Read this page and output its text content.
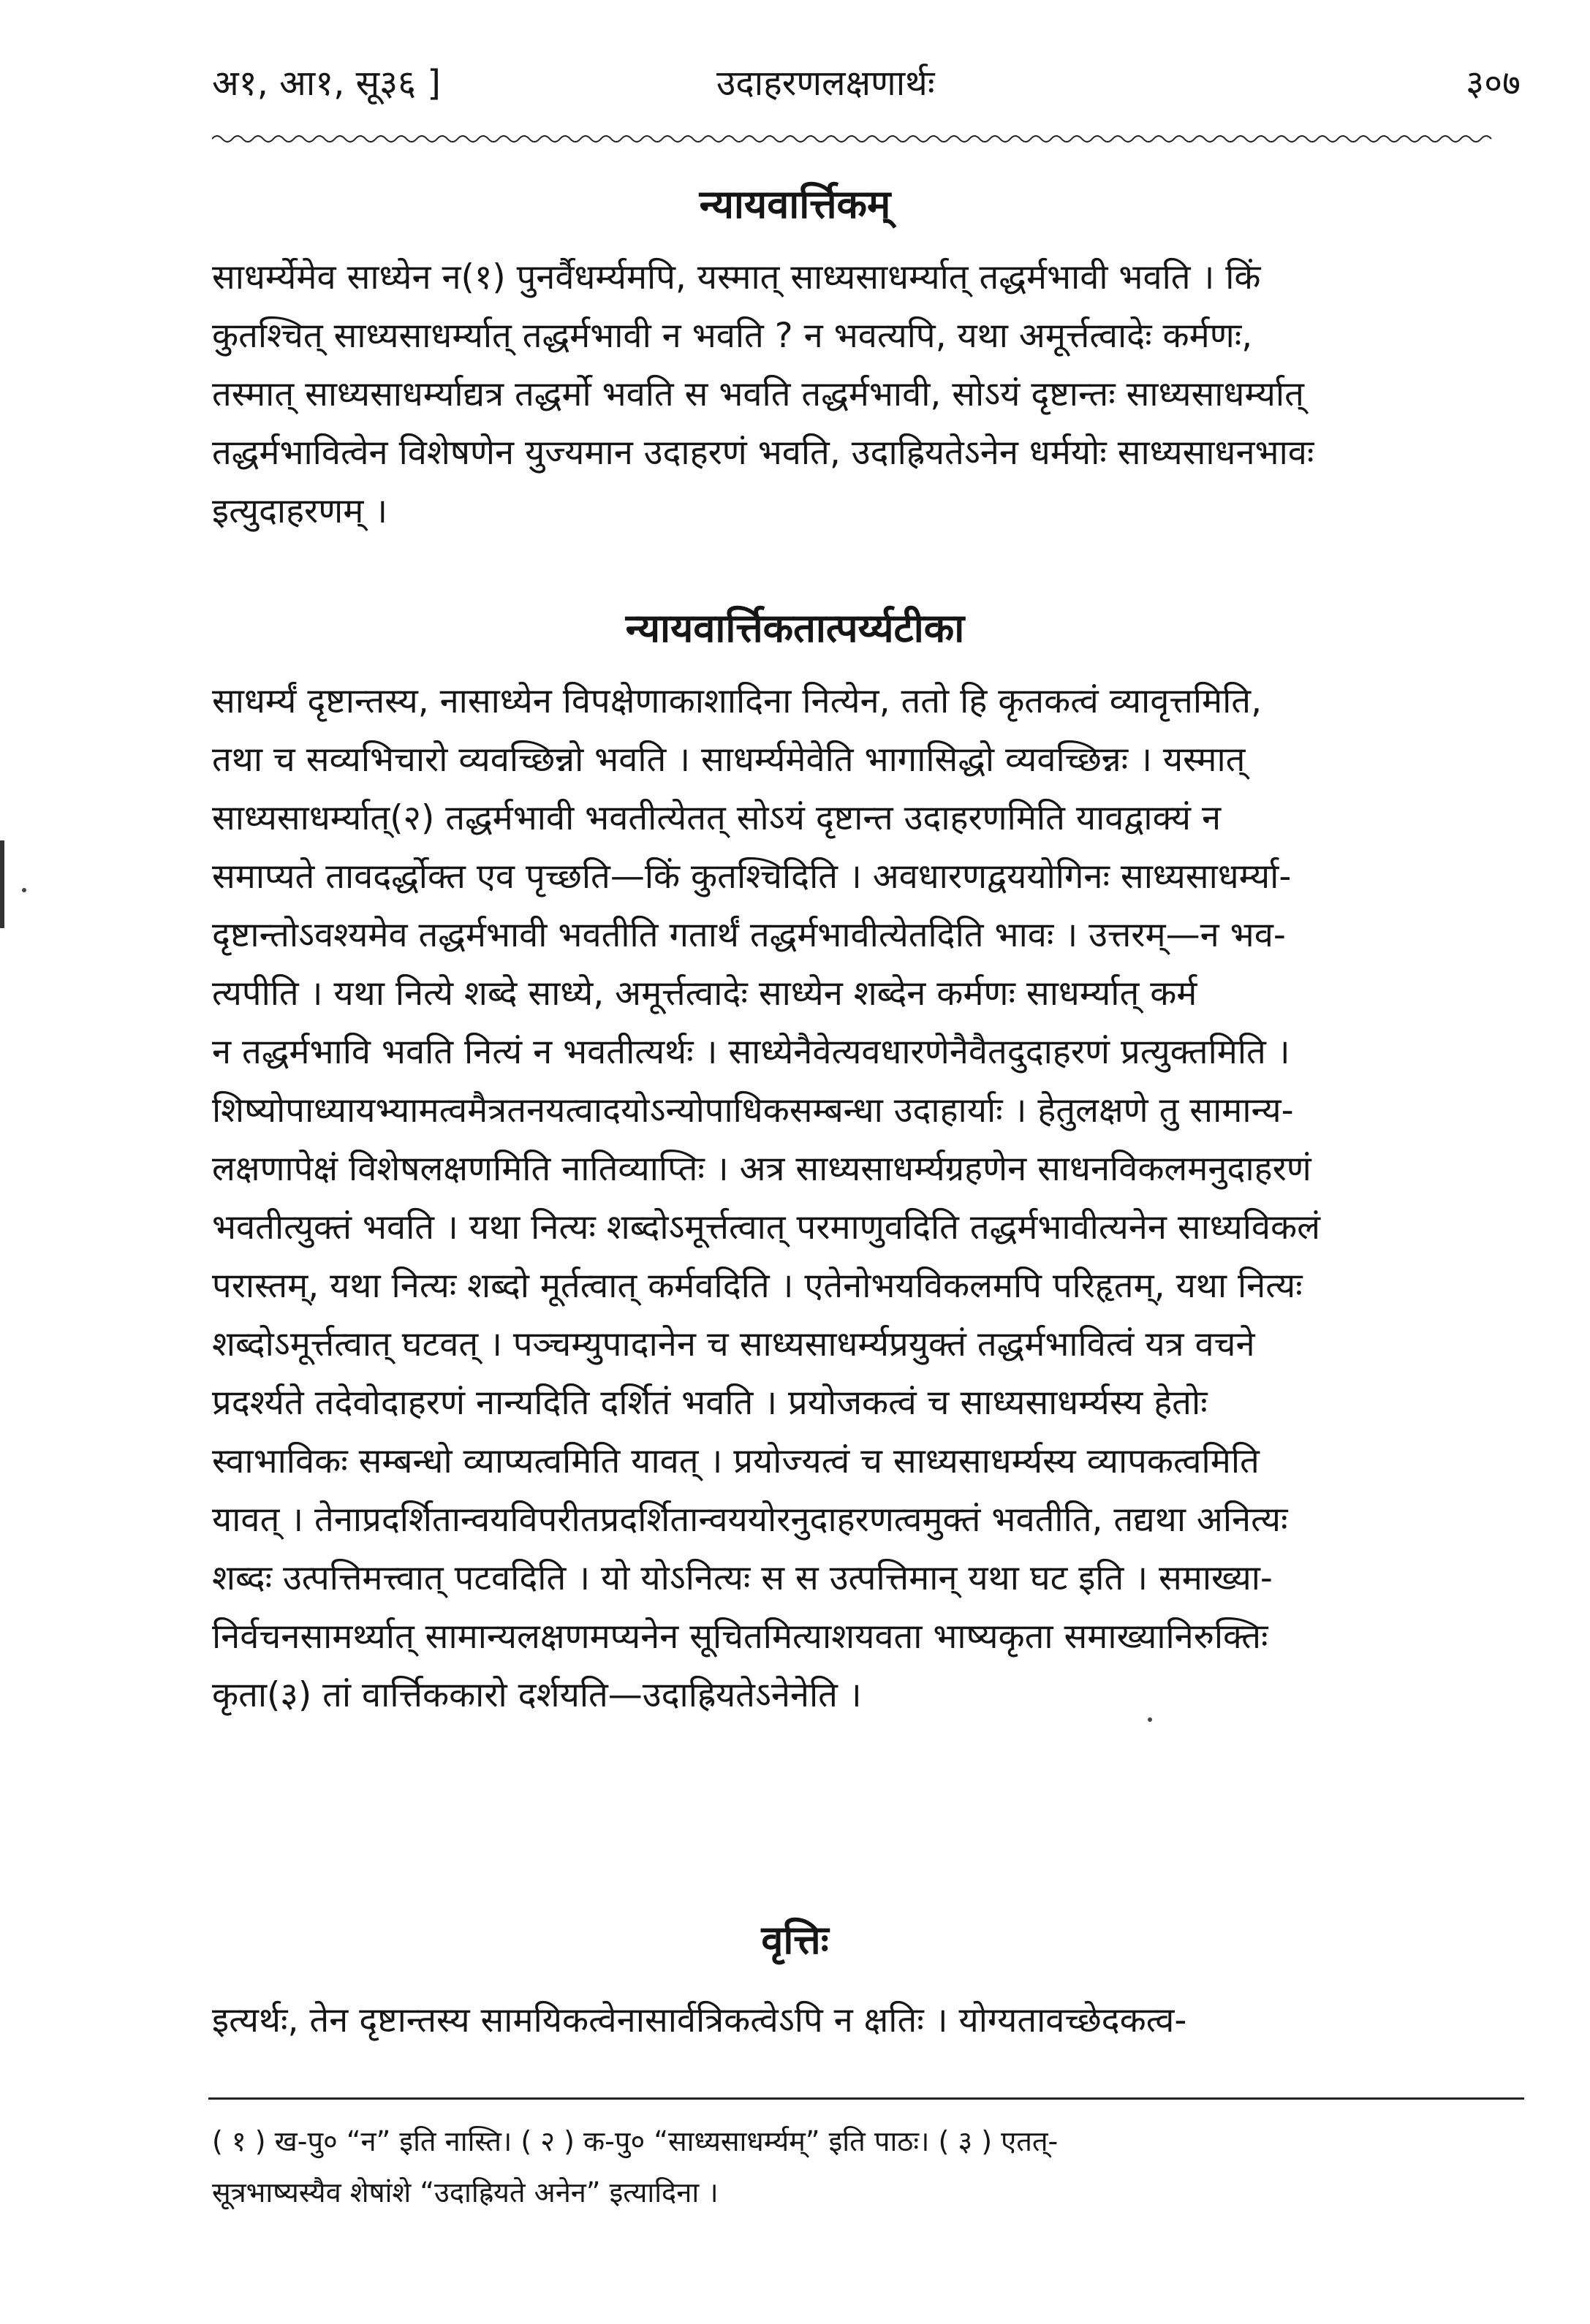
अ१, आ१, सू३६ ]	उदाहरणलक्षणार्थः	३०७
न्यायवार्त्तिकम्
साधर्म्येमेव साध्येन न(१) पुनर्वैधर्म्यमपि, यस्मात् साध्यसाधर्म्यात् तद्धर्मभावी भवति । किं
कुतश्चित् साध्यसाधर्म्यात् तद्धर्मभावी न भवति ? न भवत्यपि, यथा अमूर्त्तत्वादेः कर्मणः,
तस्मात् साध्यसाधर्म्याद्यत्र तद्धर्मो भवति स भवति तद्धर्मभावी, सोऽयं दृष्टान्तः साध्यसाधर्म्यात्
तद्धर्मभावित्वेन विशेषणेन युज्यमान उदाहरणं भवति, उदाह्रियतेऽनेन धर्मयोः साध्यसाधनभावः
इत्युदाहरणम् ।
न्यायवार्त्तिकतात्पर्य्यटीका
साधर्म्यं दृष्टान्तस्य, नासाध्येन विपक्षेणाकाशादिना नित्येन, ततो हि कृतकत्वं व्यावृत्तमिति,
तथा च सव्यभिचारो व्यवच्छिन्नो भवति । साधर्म्यमेवेति भागासिद्धो व्यवच्छिन्नः । यस्मात्
साध्यसाधर्म्यात्(२) तद्धर्मभावी भवतीत्येतत् सोऽयं दृष्टान्त उदाहरणमिति यावद्वाक्यं न
समाप्यते तावदर्द्धोक्त एव पृच्छति—किं कुतश्चिदिति । अवधारणद्वययोगिनः साध्यसाधर्म्या-
दृष्टान्तोऽवश्यमेव तद्धर्मभावी भवतीति गतार्थं तद्धर्मभावीत्येतदिति भावः । उत्तरम्—न भव-
त्यपीति । यथा नित्ये शब्दे साध्ये, अमूर्त्तत्वादेः साध्येन शब्देन कर्मणः साधर्म्यात् कर्म
न तद्धर्मभावि भवति नित्यं न भवतीत्यर्थः । साध्येनैवेत्यवधारणेनैवैतदुदाहरणं प्रत्युक्तमिति ।
शिष्योपाध्यायभ्यामत्वमैत्रतनयत्वादयोऽन्योपाधिकसम्बन्धा उदाहार्याः । हेतुलक्षणे तु सामान्य-
लक्षणापेक्षं विशेषलक्षणमिति नातिव्याप्तिः । अत्र साध्यसाधर्म्यग्रहणेन साधनविकलमनुदाहरणं
भवतीत्युक्तं भवति । यथा नित्यः शब्दोऽमूर्त्तत्वात् परमाणुवदिति तद्धर्मभावीत्यनेन साध्यविकलं
परास्तम्, यथा नित्यः शब्दो मूर्तत्वात् कर्मवदिति । एतेनोभयविकलमपि परिहृतम्, यथा नित्यः
शब्दोऽमूर्त्तत्वात् घटवत् । पञ्चम्युपादानेन च साध्यसाधर्म्यप्रयुक्तं तद्धर्मभावित्वं यत्र वचने
प्रदर्श्यते तदेवोदाहरणं नान्यदिति दर्शितं भवति । प्रयोजकत्वं च साध्यसाधर्म्यस्य हेतोः
स्वाभाविकः सम्बन्धो व्याप्यत्वमिति यावत् । प्रयोज्यत्वं च साध्यसाधर्म्यस्य व्यापकत्वमिति
यावत् । तेनाप्रदर्शितान्वयविपरीतप्रदर्शितान्वययोरनुदाहरणत्वमुक्तं भवतीति, तद्यथा अनित्यः
शब्दः उत्पत्तिमत्त्वात् पटवदिति । यो योऽनित्यः स स उत्पत्तिमान् यथा घट इति । समाख्या-
निर्वचनसामर्थ्यात् सामान्यलक्षणमप्यनेन सूचितमित्याशयवता भाष्यकृता समाख्यानिरुक्तिः
कृता(३) तां वार्त्तिककारो दर्शयति—उदाह्रियतेऽनेनेति ।
वृत्तिः
इत्यर्थः, तेन दृष्टान्तस्य सामयिकत्वेनासार्वत्रिकत्वेऽपि न क्षतिः । योग्यतावच्छेदकत्व-
( १ ) ख-पु० “न” इति नास्ति। ( २ ) क-पु० “साध्यसाधर्म्यम्” इति पाठः। ( ३ ) एतत्-
सूत्रभाष्यस्यैव शेषांशे “उदाह्रियते अनेन” इत्यादिना ।
